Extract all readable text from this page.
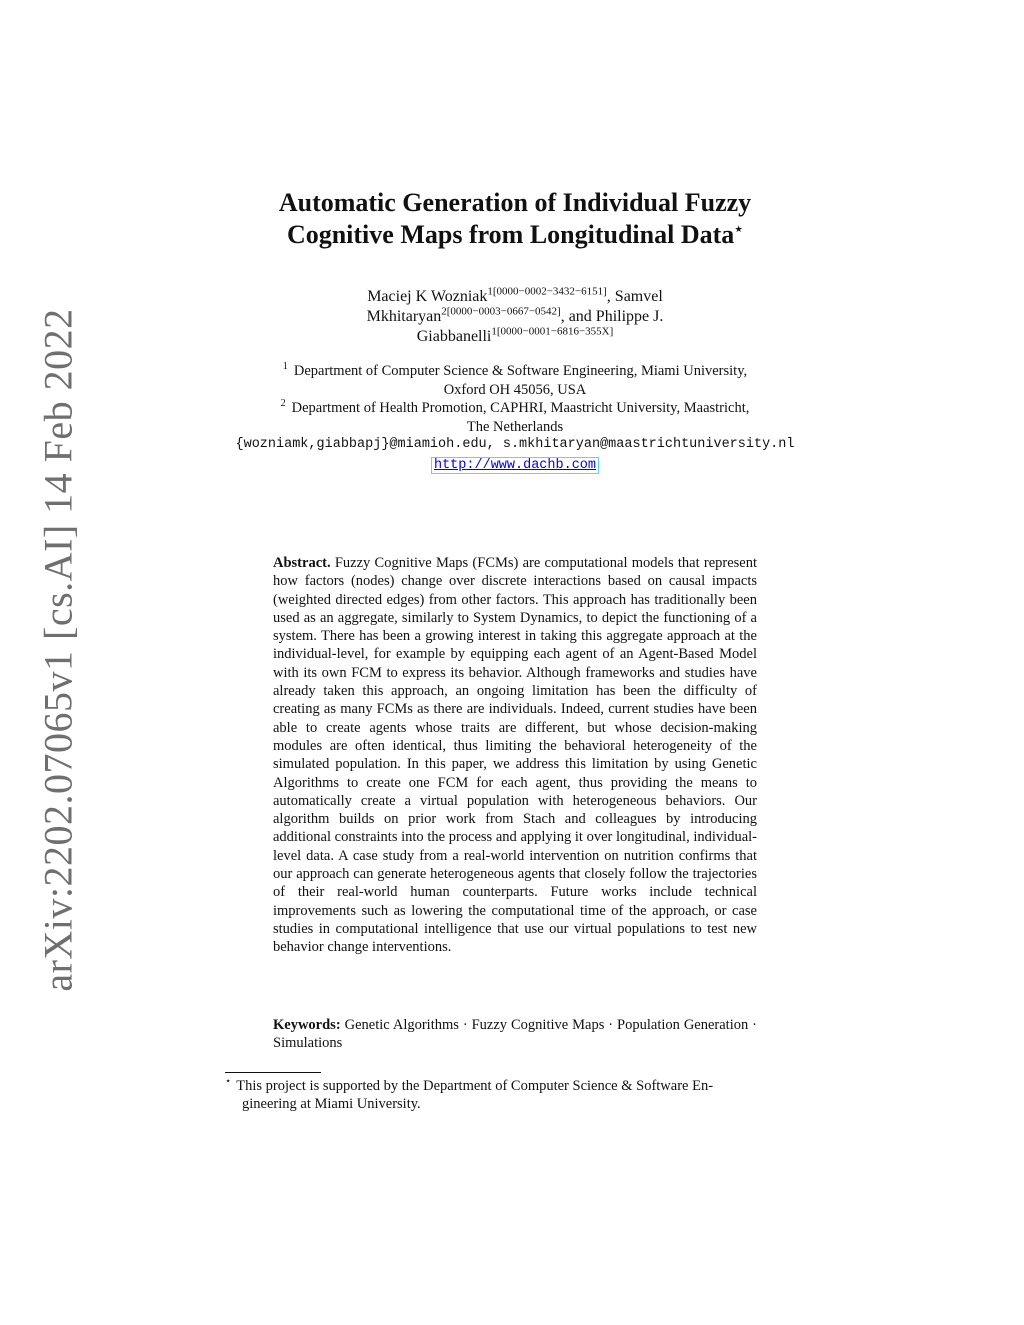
arXiv:2202.07065v1 [cs.AI] 14 Feb 2022
Automatic Generation of Individual Fuzzy
Cognitive Maps from Longitudinal Data⋆
Maciej K Wozniak$^{1[0000-0002-3432-6151]}$, Samvel
Mkhitaryan$^{2[0000-0003-0667-0542]}$, and Philippe J.
Giabbanelli$^{1[0000-0001-6816-355X]}$
$^1$ Department of Computer Science & Software Engineering, Miami University,
Oxford OH 45056, USA
$^2$ Department of Health Promotion, CAPHRI, Maastricht University, Maastricht,
The Netherlands
{wozniamk,giabbapj}@miamioh.edu, s.mkhitaryan@maastrichtuniversity.nl
http://www.dachb.com
Abstract. Fuzzy Cognitive Maps (FCMs) are computational models that represent how factors (nodes) change over discrete interactions based on causal impacts (weighted directed edges) from other factors. This approach has traditionally been used as an aggregate, similarly to System Dynamics, to depict the functioning of a system. There has been a growing interest in taking this aggregate approach at the individual-level, for example by equipping each agent of an Agent-Based Model with its own FCM to express its behavior. Although frameworks and studies have already taken this approach, an ongoing limitation has been the difficulty of creating as many FCMs as there are individuals. Indeed, current studies have been able to create agents whose traits are different, but whose decision-making modules are often identical, thus limiting the behavioral heterogeneity of the simulated population. In this paper, we address this limitation by using Genetic Algorithms to create one FCM for each agent, thus providing the means to automatically create a virtual population with heterogeneous behaviors. Our algorithm builds on prior work from Stach and colleagues by introducing additional constraints into the process and applying it over longitudinal, individual-level data. A case study from a real-world intervention on nutrition confirms that our approach can generate heterogeneous agents that closely follow the trajectories of their real-world human counterparts. Future works include technical improvements such as lowering the computational time of the approach, or case studies in computational intelligence that use our virtual populations to test new behavior change interventions.
Keywords: Genetic Algorithms · Fuzzy Cognitive Maps · Population Generation · Simulations
⋆ This project is supported by the Department of Computer Science & Software En-
gineering at Miami University.
